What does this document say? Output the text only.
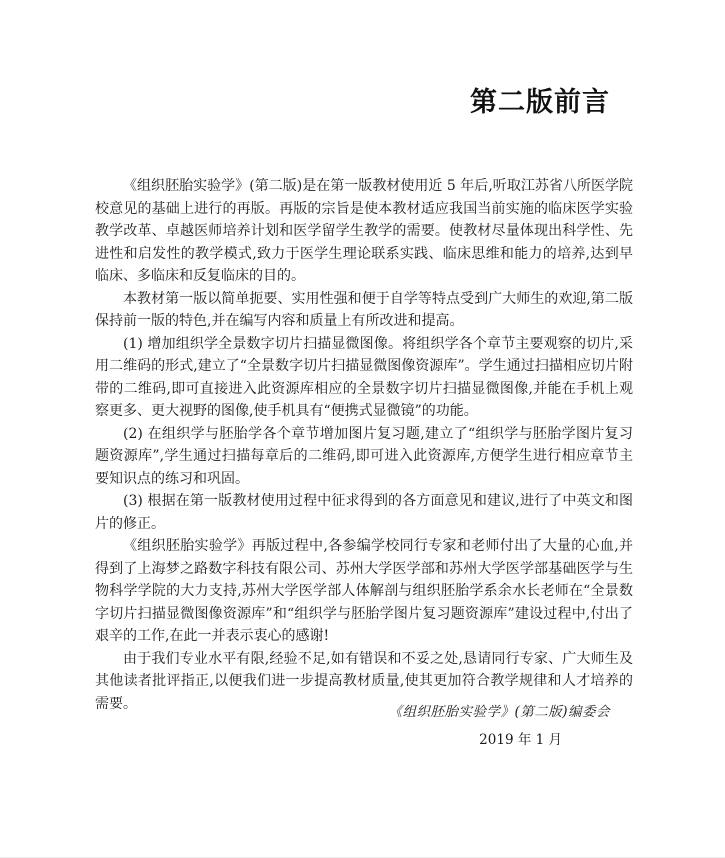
第二版前言

《组织胚胎实验学》(第二版)是在第一版教材使用近 5 年后,听取江苏省八所医学院校意见的基础上进行的再版。再版的宗旨是使本教材适应我国当前实施的临床医学实验教学改革、卓越医师培养计划和医学留学生教学的需要。使教材尽量体现出科学性、先进性和启发性的教学模式,致力于医学生理论联系实践、临床思维和能力的培养,达到早临床、多临床和反复临床的目的。

本教材第一版以简单扼要、实用性强和便于自学等特点受到广大师生的欢迎,第二版保持前一版的特色,并在编写内容和质量上有所改进和提高。

(1) 增加组织学全景数字切片扫描显微图像。将组织学各个章节主要观察的切片,采用二维码的形式,建立了“全景数字切片扫描显微图像资源库”。学生通过扫描相应切片附带的二维码,即可直接进入此资源库相应的全景数字切片扫描显微图像,并能在手机上观察更多、更大视野的图像,使手机具有“便携式显微镜”的功能。

(2) 在组织学与胚胎学各个章节增加图片复习题,建立了“组织学与胚胎学图片复习题资源库”,学生通过扫描每章后的二维码,即可进入此资源库,方便学生进行相应章节主要知识点的练习和巩固。

(3) 根据在第一版教材使用过程中征求得到的各方面意见和建议,进行了中英文和图片的修正。

《组织胚胎实验学》再版过程中,各参编学校同行专家和老师付出了大量的心血,并得到了上海梦之路数字科技有限公司、苏州大学医学部和苏州大学医学部基础医学与生物科学学院的大力支持,苏州大学医学部人体解剖与组织胚胎学系余水长老师在“全景数字切片扫描显微图像资源库”和“组织学与胚胎学图片复习题资源库”建设过程中,付出了艰辛的工作,在此一并表示衷心的感谢!

由于我们专业水平有限,经验不足,如有错误和不妥之处,恳请同行专家、广大师生及其他读者批评指正,以便我们进一步提高教材质量,使其更加符合教学规律和人才培养的需要。

《组织胚胎实验学》(第二版)编委会
2019 年 1 月
